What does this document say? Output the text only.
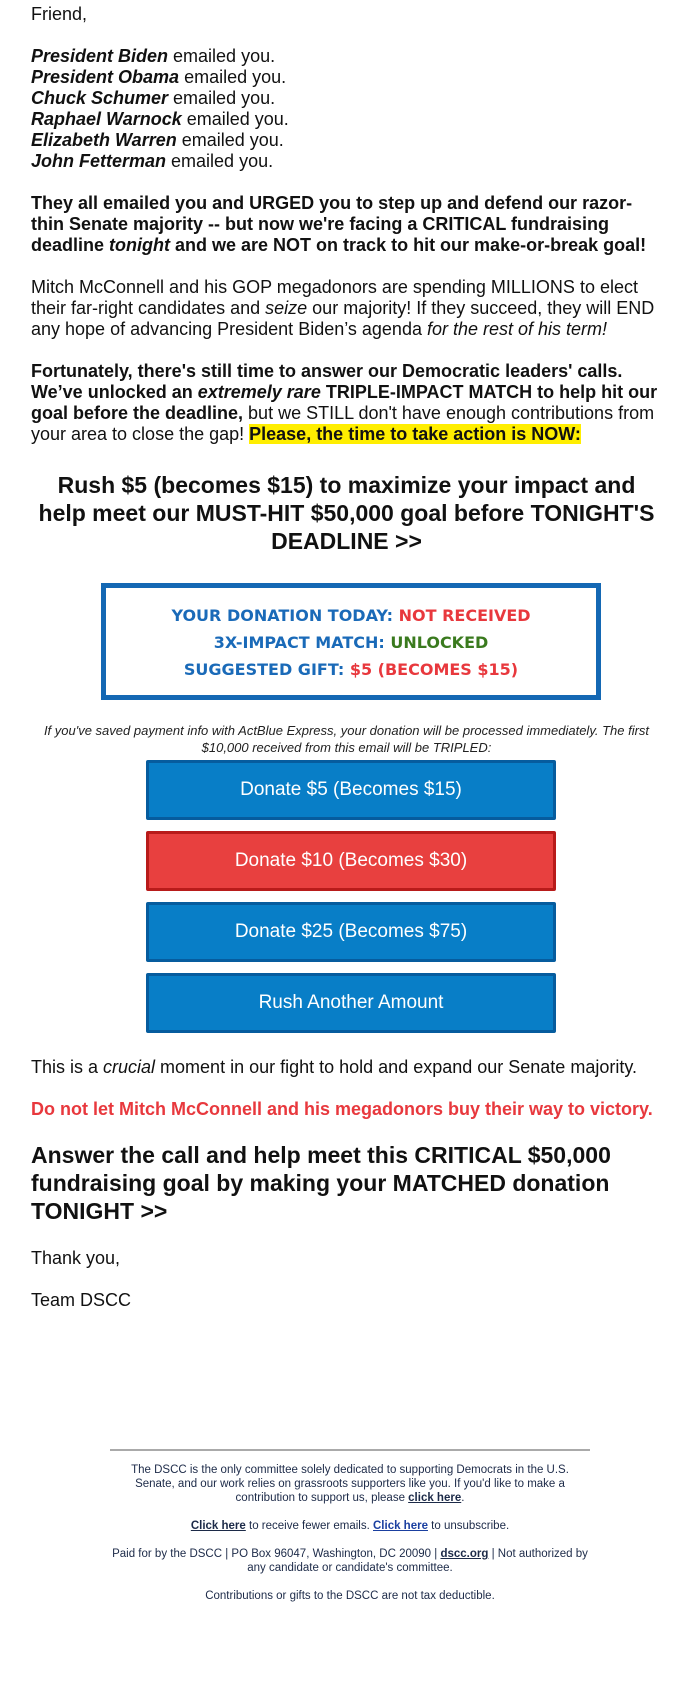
Friend,

President Biden emailed you.
President Obama emailed you.
Chuck Schumer emailed you.
Raphael Warnock emailed you.
Elizabeth Warren emailed you.
John Fetterman emailed you.

They all emailed you and URGED you to step up and defend our razor-thin Senate majority -- but now we're facing a CRITICAL fundraising deadline tonight and we are NOT on track to hit our make-or-break goal!

Mitch McConnell and his GOP megadonors are spending MILLIONS to elect their far-right candidates and seize our majority! If they succeed, they will END any hope of advancing President Biden’s agenda for the rest of his term!

Fortunately, there's still time to answer our Democratic leaders' calls. We’ve unlocked an extremely rare TRIPLE-IMPACT MATCH to help hit our goal before the deadline, but we STILL don't have enough contributions from your area to close the gap! Please, the time to take action is NOW:

Rush $5 (becomes $15) to maximize your impact and help meet our MUST-HIT $50,000 goal before TONIGHT'S DEADLINE >>
YOUR DONATION TODAY: NOT RECEIVED
3X-IMPACT MATCH: UNLOCKED
SUGGESTED GIFT: $5 (BECOMES $15)
If you've saved payment info with ActBlue Express, your donation will be processed immediately. The first $10,000 received from this email will be TRIPLED:
Donate $5 (Becomes $15)
Donate $10 (Becomes $30)
Donate $25 (Becomes $75)
Rush Another Amount

This is a crucial moment in our fight to hold and expand our Senate majority.

Do not let Mitch McConnell and his megadonors buy their way to victory.

Answer the call and help meet this CRITICAL $50,000 fundraising goal by making your MATCHED donation TONIGHT >>

Thank you,

Team DSCC

The DSCC is the only committee solely dedicated to supporting Democrats in the U.S. Senate, and our work relies on grassroots supporters like you. If you'd like to make a contribution to support us, please click here.

Click here to receive fewer emails. Click here to unsubscribe.

Paid for by the DSCC | PO Box 96047, Washington, DC 20090 | dscc.org | Not authorized by any candidate or candidate's committee.

Contributions or gifts to the DSCC are not tax deductible.
